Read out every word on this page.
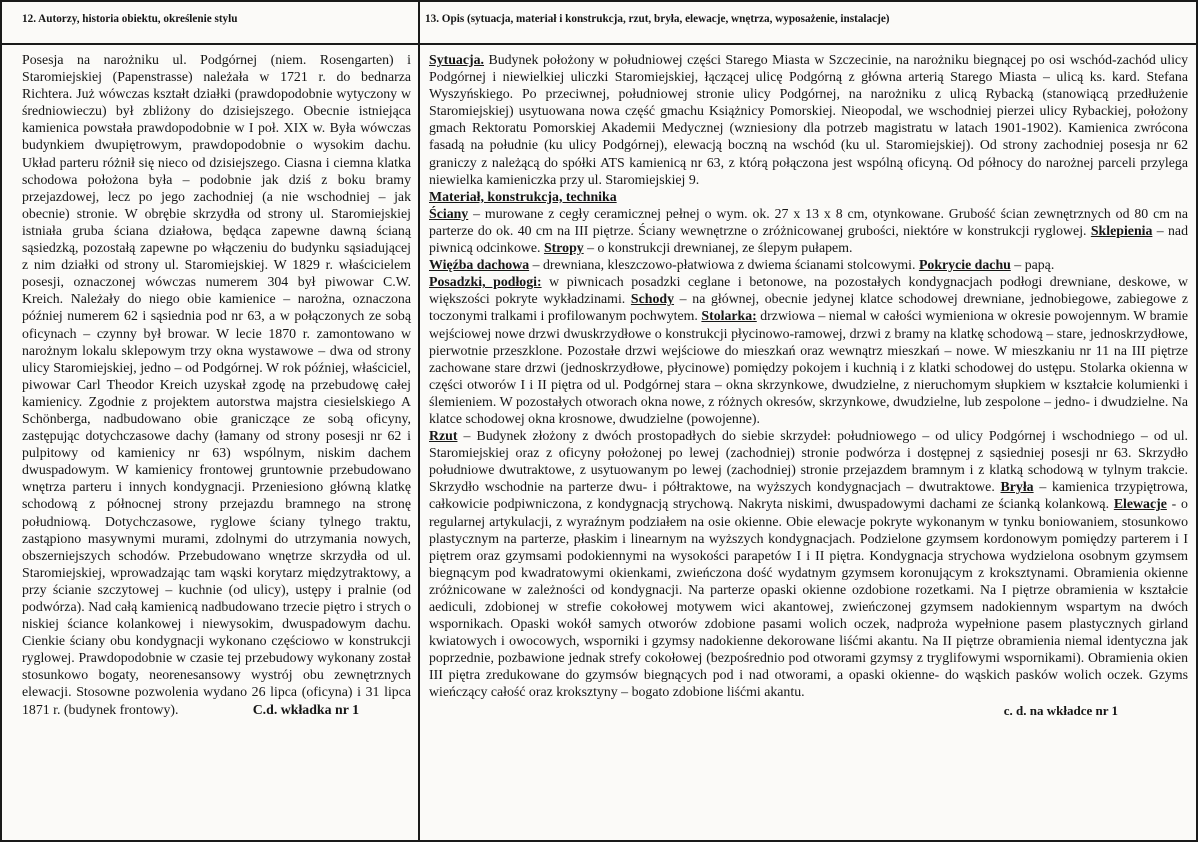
12. Autorzy, historia obiektu, określenie stylu	13. Opis (sytuacja, materiał i konstrukcja, rzut, bryła, elewacje, wnętrza, wyposażenie, instalacje)

Posesja na narożniku ul. Podgórnej (niem. Rosengarten) i Staromiejskiej (Papenstrasse) należała w 1721 r. do bednarza Richtera. Już wówczas kształt działki (prawdopodobnie wytyczony w średniowieczu) był zbliżony do dzisiejszego. Obecnie istniejąca kamienica powstała prawdopodobnie w I poł. XIX w. Była wówczas budynkiem dwupiętrowym, prawdopodobnie o wysokim dachu. Układ parteru różnił się nieco od dzisiejszego. Ciasna i ciemna klatka schodowa położona była – podobnie jak dziś z boku bramy przejazdowej, lecz po jego zachodniej (a nie wschodniej – jak obecnie) stronie. W obrębie skrzydła od strony ul. Staromiejskiej istniała gruba ściana działowa, będąca zapewne dawną ścianą sąsiedzką, pozostałą zapewne po włączeniu do budynku sąsiadującej z nim działki od strony ul. Staromiejskiej. W 1829 r. właścicielem posesji, oznaczonej wówczas numerem 304 był piwowar C.W. Kreich. Należały do niego obie kamienice – narożna, oznaczona później numerem 62 i sąsiednia pod nr 63, a w połączonych ze sobą oficynach – czynny był browar. W lecie 1870 r. zamontowano w narożnym lokalu sklepowym trzy okna wystawowe – dwa od strony ulicy Staromiejskiej, jedno – od Podgórnej. W rok później, właściciel, piwowar Carl Theodor Kreich uzyskał zgodę na przebudowę całej kamienicy. Zgodnie z projektem autorstwa majstra ciesielskiego A Schönberga, nadbudowano obie graniczące ze sobą oficyny, zastępując dotychczasowe dachy (łamany od strony posesji nr 62 i pulpitowy od kamienicy nr 63) wspólnym, niskim dachem dwuspadowym. W kamienicy frontowej gruntownie przebudowano wnętrza parteru i innych kondygnacji. Przeniesiono główną klatkę schodową z północnej strony przejazdu bramnego na stronę południową. Dotychczasowe, ryglowe ściany tylnego traktu, zastąpiono masywnymi murami, zdolnymi do utrzymania nowych, obszerniejszych schodów. Przebudowano wnętrze skrzydła od ul. Staromiejskiej, wprowadzając tam wąski korytarz międzytraktowy, a przy ścianie szczytowej – kuchnie (od ulicy), ustępy i pralnie (od podwórza). Nad całą kamienicą nadbudowano trzecie piętro i strych o niskiej ściance kolankowej i niewysokim, dwuspadowym dachu. Cienkie ściany obu kondygnacji wykonano częściowo w konstrukcji ryglowej. Prawdopodobnie w czasie tej przebudowy wykonany został stosunkowo bogaty, neorenesansowy wystrój obu zewnętrznych elewacji. Stosowne pozwolenia wydano 26 lipca (oficyna) i 31 lipca 1871 r. (budynek frontowy).	C.d. wkładka nr 1

Sytuacja. Budynek położony w południowej części Starego Miasta w Szczecinie, na narożniku biegnącej po osi wschód-zachód ulicy Podgórnej i niewielkiej uliczki Staromiejskiej, łączącej ulicę Podgórną z główna arterią Starego Miasta – ulicą ks. kard. Stefana Wyszyńskiego. Po przeciwnej, południowej stronie ulicy Podgórnej, na narożniku z ulicą Rybacką (stanowiącą przedłużenie Staromiejskiej) usytuowana nowa część gmachu Książnicy Pomorskiej. Nieopodal, we wschodniej pierzei ulicy Rybackiej, położony gmach Rektoratu Pomorskiej Akademii Medycznej (wzniesiony dla potrzeb magistratu w latach 1901-1902). Kamienica zwrócona fasadą na południe (ku ulicy Podgórnej), elewacją boczną na wschód (ku ul. Staromiejskiej). Od strony zachodniej posesja nr 62 graniczy z należącą do spółki ATS kamienicą nr 63, z którą połączona jest wspólną oficyną. Od północy do narożnej parceli przylega niewielka kamieniczka przy ul. Staromiejskiej 9.

Materiał, konstrukcja, technika

Ściany – murowane z cegły ceramicznej pełnej o wym. ok. 27 x 13 x 8 cm, otynkowane. Grubość ścian zewnętrznych od 80 cm na parterze do ok. 40 cm na III piętrze. Ściany wewnętrzne o zróżnicowanej grubości, niektóre w konstrukcji ryglowej. Sklepienia – nad piwnicą odcinkowe. Stropy – o konstrukcji drewnianej, ze ślepym pułapem.

Więźba dachowa – drewniana, kleszczowo-płatwiowa z dwiema ścianami stolcowymi. Pokrycie dachu – papą.

Posadzki, podłogi: w piwnicach posadzki ceglane i betonowe, na pozostałych kondygnacjach podłogi drewniane, deskowe, w większości pokryte wykładzinami. Schody – na głównej, obecnie jedynej klatce schodowej drewniane, jednobiegowe, zabiegowe z toczonymi tralkami i profilowanym pochwytem. Stolarka: drzwiowa – niemal w całości wymieniona w okresie powojennym. W bramie wejściowej nowe drzwi dwuskrzydłowe o konstrukcji płycinowo-ramowej, drzwi z bramy na klatkę schodową – stare, jednoskrzydłowe, pierwotnie przeszklone. Pozostałe drzwi wejściowe do mieszkań oraz wewnątrz mieszkań – nowe. W mieszkaniu nr 11 na III piętrze zachowane stare drzwi (jednoskrzydłowe, płycinowe) pomiędzy pokojem i kuchnią i z klatki schodowej do ustępu. Stolarka okienna w części otworów I i II piętra od ul. Podgórnej stara – okna skrzynkowe, dwudzielne, z nieruchomym słupkiem w kształcie kolumienki i ślemieniem. W pozostałych otworach okna nowe, z różnych okresów, skrzynkowe, dwudzielne, lub zespolone – jedno- i dwudzielne. Na klatce schodowej okna krosnowe, dwudzielne (powojenne).

Rzut – Budynek złożony z dwóch prostopadłych do siebie skrzydeł: południowego – od ulicy Podgórnej i wschodniego – od ul. Staromiejskiej oraz z oficyny położonej po lewej (zachodniej) stronie podwórza i dostępnej z sąsiedniej posesji nr 63. Skrzydło południowe dwutraktowe, z usytuowanym po lewej (zachodniej) stronie przejazdem bramnym i z klatką schodową w tylnym trakcie. Skrzydło wschodnie na parterze dwu- i półtraktowe, na wyższych kondygnacjach – dwutraktowe. Bryła – kamienica trzypiętrowa, całkowicie podpiwniczona, z kondygnacją strychową. Nakryta niskimi, dwuspadowymi dachami ze ścianką kolankową. Elewacje - o regularnej artykulacji, z wyraźnym podziałem na osie okienne. Obie elewacje pokryte wykonanym w tynku boniowaniem, stosunkowo plastycznym na parterze, płaskim i linearnym na wyższych kondygnacjach. Podzielone gzymsem kordonowym pomiędzy parterem i I piętrem oraz gzymsami podokiennymi na wysokości parapetów I i II piętra. Kondygnacja strychowa wydzielona osobnym gzymsem biegnącym pod kwadratowymi okienkami, zwieńczona dość wydatnym gzymsem koronującym z kroksztynami. Obramienia okienne zróżnicowane w zależności od kondygnacji. Na parterze opaski okienne ozdobione rozetkami. Na I piętrze obramienia w kształcie aediculi, zdobionej w strefie cokołowej motywem wici akantowej, zwieńczonej gzymsem nadokiennym wspartym na dwóch wspornikach. Opaski wokół samych otworów zdobione pasami wolich oczek, nadproża wypełnione pasem plastycznych girland kwiatowych i owocowych, wsporniki i gzymsy nadokienne dekorowane liśćmi akantu. Na II piętrze obramienia niemal identyczna jak poprzednie, pozbawione jednak strefy cokołowej (bezpośrednio pod otworami gzymsy z tryglifowymi wspornikami). Obramienia okien III piętra zredukowane do gzymsów biegnących pod i nad otworami, a opaski okienne- do wąskich pasków wolich oczek. Gzyms wieńczący całość oraz kroksztyny – bogato zdobione liśćmi akantu.

c. d. na wkładce nr 1
